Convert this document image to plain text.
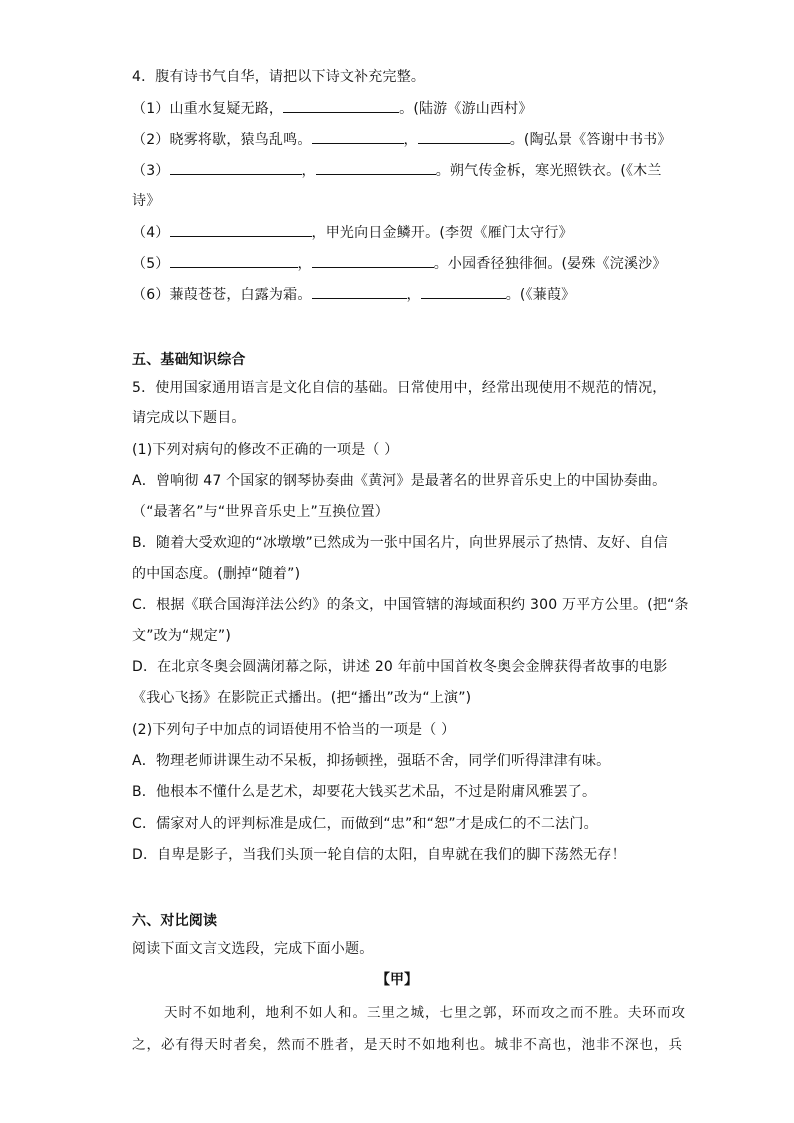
4．腹有诗书气自华，请把以下诗文补充完整。
（1）山重水复疑无路，	。(陆游《游山西村》
（2）晓雾将歇，猿鸟乱鸣。	，	。(陶弘景《答谢中书书》
（3）	，	。朔气传金柝，寒光照铁衣。(《木兰
诗》
（4）	，甲光向日金鳞开。(李贺《雁门太守行》
（5）	，	。小园香径独徘徊。(晏殊《浣溪沙》
（6）蒹葭苍苍，白露为霜。	，	。(《蒹葭》
五、基础知识综合
5．使用国家通用语言是文化自信的基础。日常使用中，经常出现使用不规范的情况，
请完成以下题目。
(1)下列对病句的修改不正确的一项是（ ）
A．曾响彻 47 个国家的钢琴协奏曲《黄河》是最著名的世界音乐史上的中国协奏曲。
（“最著名”与“世界音乐史上”互换位置）
B．随着大受欢迎的“冰墩墩”已然成为一张中国名片，向世界展示了热情、友好、自信
的中国态度。(删掉“随着”)
C．根据《联合国海洋法公约》的条文，中国管辖的海域面积约 300 万平方公里。(把“条
文”改为“规定”)
D．在北京冬奥会圆满闭幕之际，讲述 20 年前中国首枚冬奥会金牌获得者故事的电影
《我心飞扬》在影院正式播出。(把“播出”改为“上演”)
(2)下列句子中加点的词语使用不恰当的一项是（ ）
A．物理老师讲课生动不呆板，抑扬顿挫，强聒不舍，同学们听得津津有味。
B．他根本不懂什么是艺术，却要花大钱买艺术品，不过是附庸风雅罢了。
C．儒家对人的评判标准是成仁，而做到“忠”和“恕”才是成仁的不二法门。
D．自卑是影子，当我们头顶一轮自信的太阳，自卑就在我们的脚下荡然无存！
六、对比阅读
阅读下面文言文选段，完成下面小题。
【甲】
天时不如地利，地利不如人和。三里之城，七里之郭，环而攻之而不胜。夫环而攻
之，必有得天时者矣，然而不胜者，是天时不如地利也。城非不高也，池非不深也，兵
